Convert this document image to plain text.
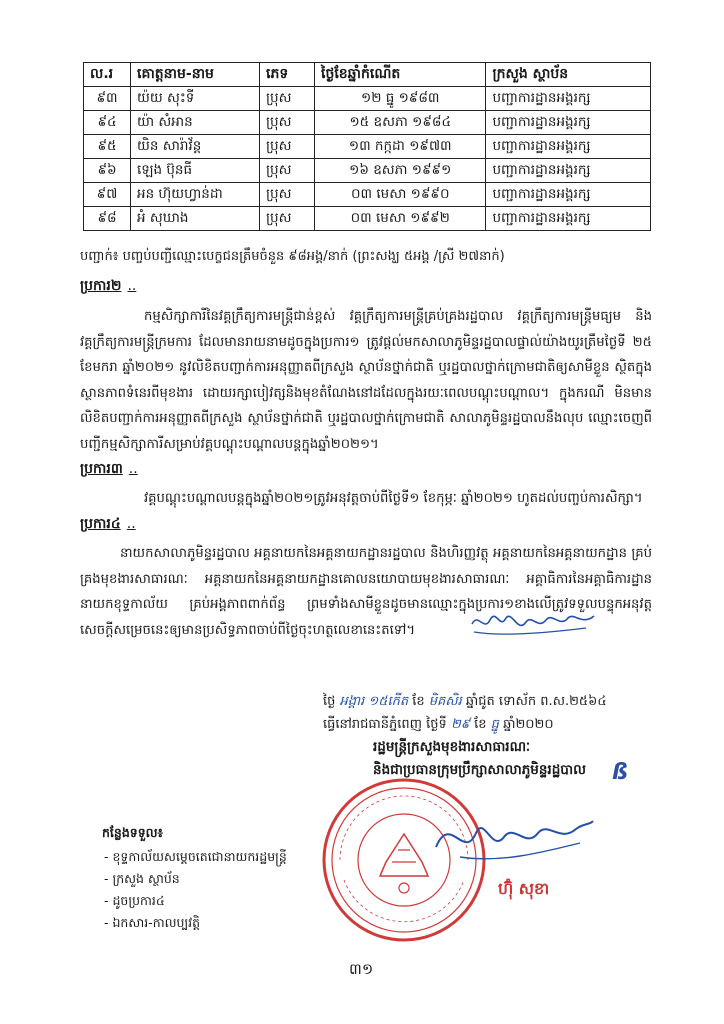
ល.រ	គោត្តនាម-នាម	ភេទ	ថ្ងៃខែឆ្នាំកំណើត	ក្រសួង ស្ថាប័ន
៩៣	យ៉យ សុះទី	ប្រុស	១២ ធ្នូ ១៩៨៣	បញ្ជាការដ្ឋានអង្គរក្ស
៩៤	យ៉ា សំអាន	ប្រុស	១៥ ឧសភា ១៩៨៤	បញ្ជាការដ្ឋានអង្គរក្ស
៩៥	យិន សារ៉ាវ័ន្ត	ប្រុស	១៣ កក្កដា ១៩៧៣	បញ្ជាការដ្ឋានអង្គរក្ស
៩៦	ឡេង ប៊ុនធី	ប្រុស	១៦ ឧសភា ១៩៩១	បញ្ជាការដ្ឋានអង្គរក្ស
៩៧	អន ហ៊ុយហ្វាន់ដា	ប្រុស	០៣ មេសា ១៩៩០	បញ្ជាការដ្ឋានអង្គរក្ស
៩៨	អំ សុឃាង	ប្រុស	០៣ មេសា ១៩៩២	បញ្ជាការដ្ឋានអង្គរក្ស
បញ្ជាក់៖ បញ្ចប់បញ្ជីឈ្មោះបេក្ខជនត្រឹមចំនួន ៩៨អង្គ/នាក់ (ព្រះសង្ឃ ៥អង្គ /ស្រី ២៧នាក់)
ប្រការ២ ..
កម្មសិក្សាការីនៃវគ្គក្រឹត្យការមន្ត្រីជាន់ខ្ពស់ វគ្គក្រឹត្យការមន្ត្រីគ្រប់គ្រងរដ្ឋបាល វគ្គក្រឹត្យការមន្ត្រីមធ្យម និង វគ្គក្រឹត្យការមន្ត្រីក្រមការ ដែលមានរាយនាមដូចក្នុងប្រការ១ ត្រូវផ្តល់មកសាលាភូមិន្ទរដ្ឋបាលផ្ទាល់យ៉ាងយូរត្រឹមថ្ងៃទី ២៥ ខែមករា ឆ្នាំ២០២១ នូវលិខិតបញ្ជាក់ការអនុញ្ញាតពីក្រសួង ស្ថាប័នថ្នាក់ជាតិ ឬរដ្ឋបាលថ្នាក់ក្រោមជាតិឲ្យសាមីខ្លួន ស្ថិតក្នុងស្ថានភាពទំនេរពីមុខងារ ដោយរក្សាបៀវត្សនិងមុខតំណែងនៅដដែលក្នុងរយៈពេលបណ្ដុះបណ្ដាល។ ក្នុងករណី មិនមានលិខិតបញ្ជាក់ការអនុញ្ញាតពីក្រសួង ស្ថាប័នថ្នាក់ជាតិ ឬរដ្ឋបាលថ្នាក់ក្រោមជាតិ សាលាភូមិន្ទរដ្ឋបាលនឹងលុប ឈ្មោះចេញពីបញ្ជីកម្មសិក្សាការីសម្រាប់វគ្គបណ្ដុះបណ្ដាលបន្តក្នុងឆ្នាំ២០២១។
ប្រការ៣ ..
វគ្គបណ្ដុះបណ្ដាលបន្តក្នុងឆ្នាំ២០២១ត្រូវអនុវត្តចាប់ពីថ្ងៃទី១ ខែកុម្ភៈ ឆ្នាំ២០២១ ហូតដល់បញ្ចប់ការសិក្សា។
ប្រការ៤ ..
នាយកសាលាភូមិន្ទរដ្ឋបាល អគ្គនាយកនៃអគ្គនាយកដ្ឋានរដ្ឋបាល និងហិរញ្ញវត្ថុ អគ្គនាយកនៃអគ្គនាយកដ្ឋាន គ្រប់គ្រងមុខងារសាធារណៈ អគ្គនាយកនៃអគ្គនាយកដ្ឋានគោលនយោបាយមុខងារសាធារណៈ អគ្គាធិការនៃអគ្គាធិការដ្ឋាន នាយកខុទ្ទកាល័យ គ្រប់អង្គភាពពាក់ព័ន្ធ ព្រមទាំងសាមីខ្លួនដូចមានឈ្មោះក្នុងប្រការ១ខាងលើត្រូវទទួលបន្ទុកអនុវត្ត សេចក្តីសម្រេចនេះឲ្យមានប្រសិទ្ធភាពចាប់ពីថ្ងៃចុះហត្ថលេខានេះតទៅ។
ថ្ងៃ អង្គារ ១៥កើត ខែ មិគសិរ ឆ្នាំជូត ទោស័ក ព.ស.២៥៦៤
ធ្វើនៅរាជធានីភ្នំពេញ ថ្ងៃទី ២៩ ខែ ធ្នូ ឆ្នាំ២០២០
រដ្ឋមន្ត្រីក្រសួងមុខងារសាធារណៈ
និងជាប្រធានក្រុមប្រឹក្សាសាលាភូមិន្ទរដ្ឋបាល ß
ហ៊ុំ សុខា
កន្លែងទទួល៖
- ខុទ្ទកាល័យសម្តេចតេជោនាយករដ្ឋមន្ត្រី
- ក្រសួង ស្ថាប័ន
- ដូចប្រការ៤
- ឯកសារ-កាលប្បវត្តិ
៣១
